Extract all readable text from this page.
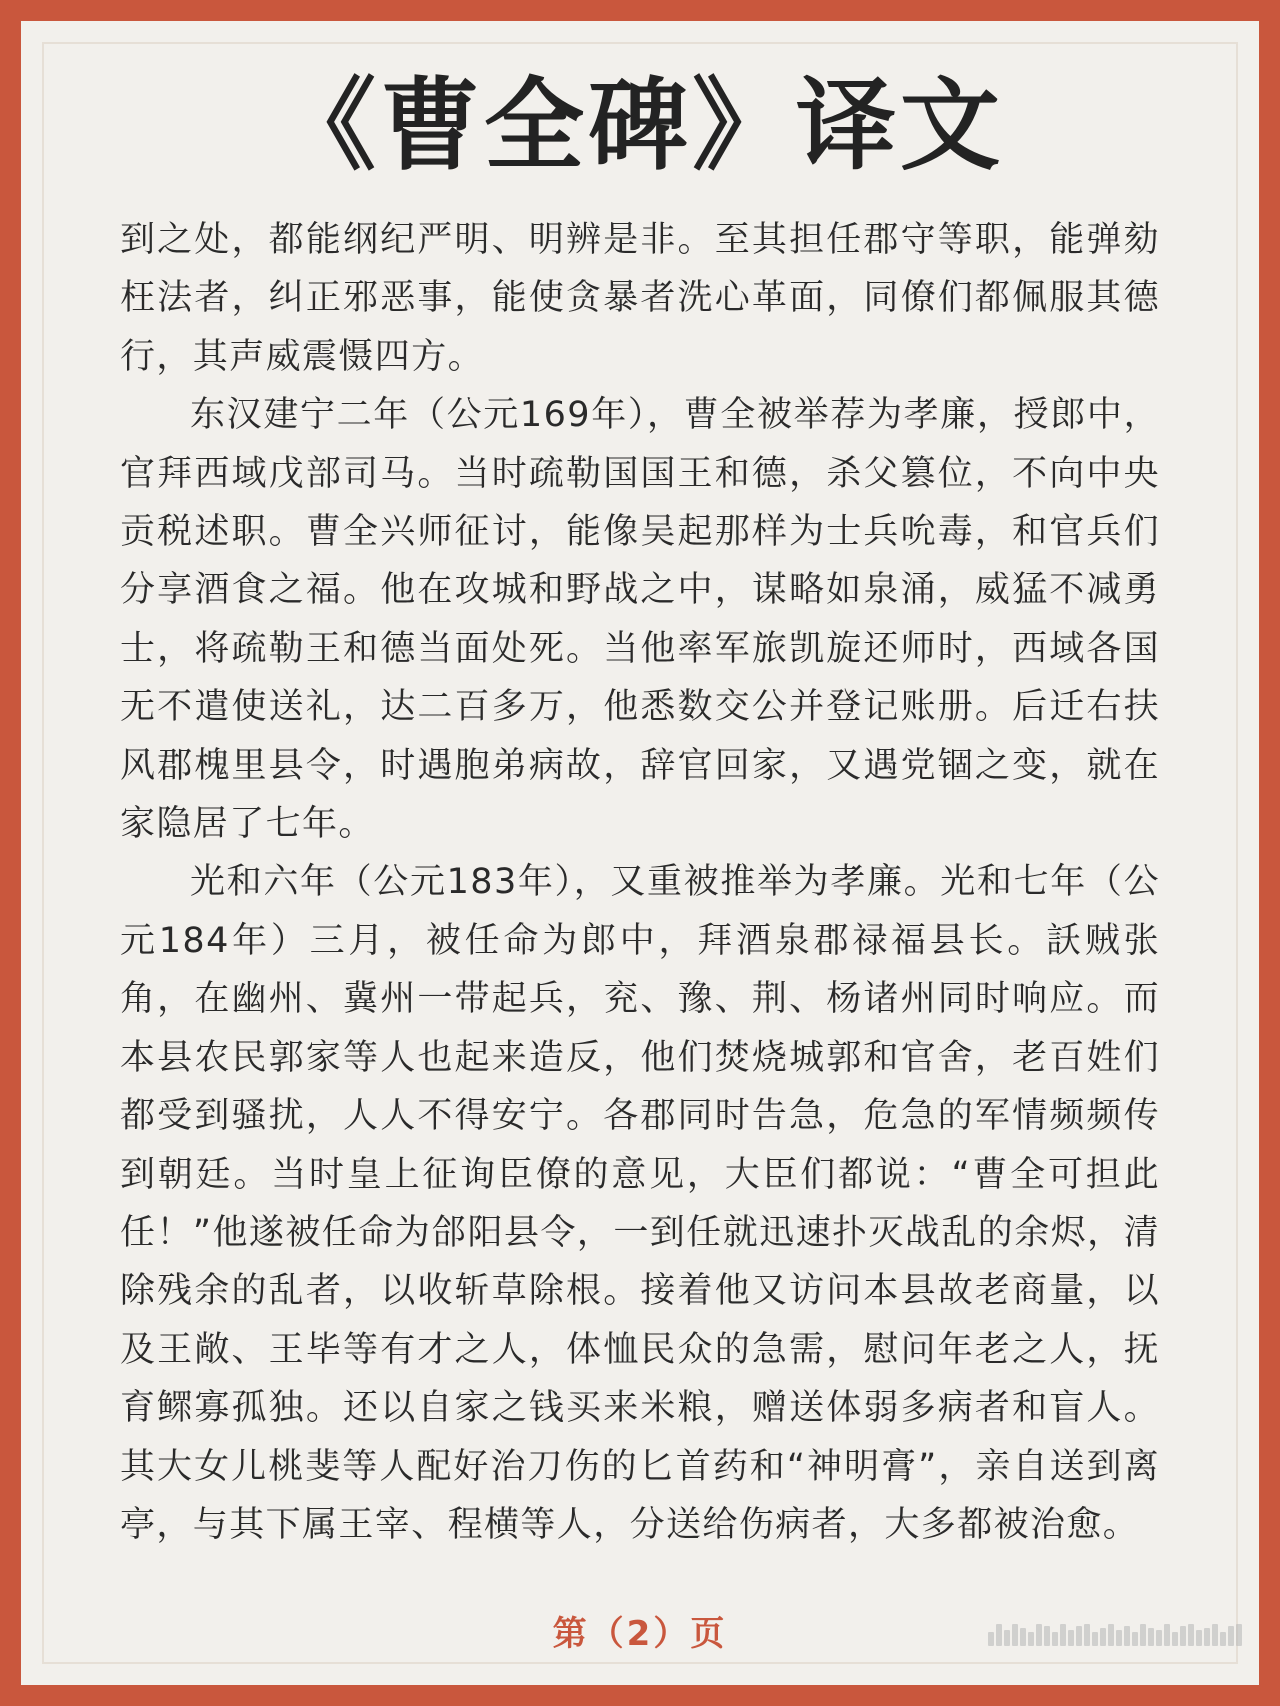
《曹全碑》译文

到之处，都能纲纪严明、明辨是非。至其担任郡守等职，能弹劾枉法者，纠正邪恶事，能使贪暴者洗心革面，同僚们都佩服其德行，其声威震慑四方。

东汉建宁二年（公元169年），曹全被举荐为孝廉，授郎中，官拜西域戊部司马。当时疏勒国国王和德，杀父篡位，不向中央贡税述职。曹全兴师征讨，能像吴起那样为士兵吮毒，和官兵们分享酒食之福。他在攻城和野战之中，谋略如泉涌，威猛不减勇士，将疏勒王和德当面处死。当他率军旅凯旋还师时，西域各国无不遣使送礼，达二百多万，他悉数交公并登记账册。后迁右扶风郡槐里县令，时遇胞弟病故，辞官回家，又遇党锢之变，就在家隐居了七年。

光和六年（公元183年），又重被推举为孝廉。光和七年（公元184年）三月，被任命为郎中，拜酒泉郡禄福县长。訞贼张角，在幽州、冀州一带起兵，兖、豫、荆、杨诸州同时响应。而本县农民郭家等人也起来造反，他们焚烧城郭和官舍，老百姓们都受到骚扰，人人不得安宁。各郡同时告急，危急的军情频频传到朝廷。当时皇上征询臣僚的意见，大臣们都说：“曹全可担此任！”他遂被任命为郃阳县令，一到任就迅速扑灭战乱的余烬，清除残余的乱者，以收斩草除根。接着他又访问本县故老商量，以及王敞、王毕等有才之人，体恤民众的急需，慰问年老之人，抚育鳏寡孤独。还以自家之钱买来米粮，赠送体弱多病者和盲人。其大女儿桃斐等人配好治刀伤的匕首药和“神明膏”，亲自送到离亭，与其下属王宰、程横等人，分送给伤病者，大多都被治愈。

第（2）页
